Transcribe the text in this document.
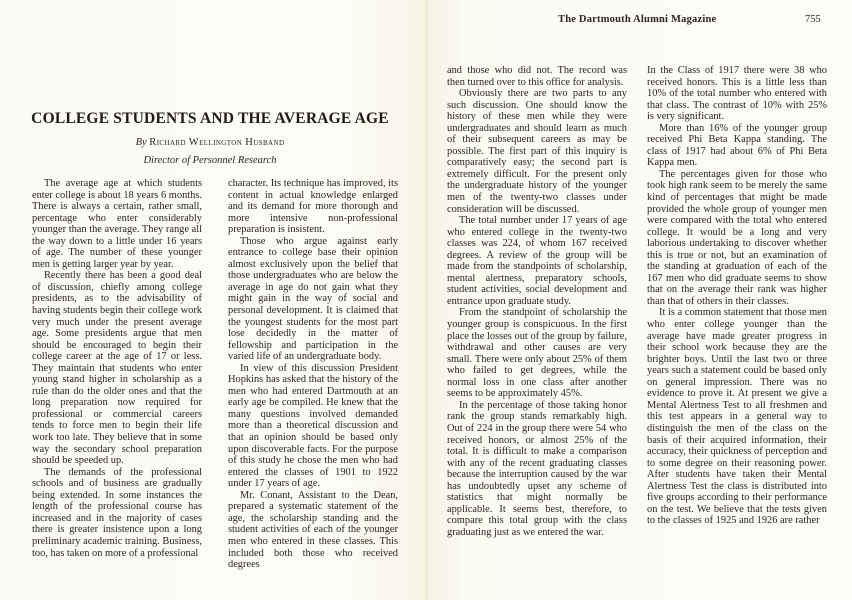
COLLEGE STUDENTS AND THE AVERAGE AGE
By Richard Wellington Husband
Director of Personnel Research

The average age at which students enter college is about 18 years 6 months. There is always a certain, rather small, percentage who enter considerably younger than the average. They range all the way down to a little under 16 years of age. The number of these younger men is getting larger year by year.

Recently there has been a good deal of discussion, chiefly among college presidents, as to the advisability of having students begin their college work very much under the present average age. Some presidents argue that men should be encouraged to begin their college career at the age of 17 or less. They maintain that students who enter young stand higher in scholarship as a rule than do the older ones and that the long preparation now required for professional or commercial careers tends to force men to begin their life work too late. They believe that in some way the secondary school preparation should be speeded up.

The demands of the professional schools and of business are gradually being extended. In some instances the length of the professional course has increased and in the majority of cases there is greater insistence upon a long preliminary academic training. Business, too, has taken on more of a professional

character. Its technique has improved, its content in actual knowledge enlarged and its demand for more thorough and more intensive non-professional preparation is insistent.

Those who argue against early entrance to college base their opinion almost exclusively upon the belief that those undergraduates who are below the average in age do not gain what they might gain in the way of social and personal development. It is claimed that the youngest students for the most part lose decidedly in the matter of fellowship and participation in the varied life of an undergraduate body.

In view of this discussion President Hopkins has asked that the history of the men who had entered Dartmouth at an early age be compiled. He knew that the many questions involved demanded more than a theoretical discussion and that an opinion should be based only upon discoverable facts. For the purpose of this study he chose the men who had entered the classes of 1901 to 1922 under 17 years of age.

Mr. Conant, Assistant to the Dean, prepared a systematic statement of the age, the scholarship standing and the student activities of each of the younger men who entered in these classes. This included both those who received degrees

The Dartmouth Alumni Magazine	755

and those who did not. The record was then turned over to this office for analysis.

Obviously there are two parts to any such discussion. One should know the history of these men while they were undergraduates and should learn as much of their subsequent careers as may be possible. The first part of this inquiry is comparatively easy; the second part is extremely difficult. For the present only the undergraduate history of the younger men of the twenty-two classes under consideration will be discussed.

The total number under 17 years of age who entered college in the twenty-two classes was 224, of whom 167 received degrees. A review of the group will be made from the standpoints of scholarship, mental alertness, preparatory schools, student activities, social development and entrance upon graduate study.

From the standpoint of scholarship the younger group is conspicuous. In the first place the losses out of the group by failure, withdrawal and other causes are very small. There were only about 25% of them who failed to get degrees, while the normal loss in one class after another seems to be approximately 45%.

In the percentage of those taking honor rank the group stands remarkably high. Out of 224 in the group there were 54 who received honors, or almost 25% of the total. It is difficult to make a comparison with any of the recent graduating classes because the interruption caused by the war has undoubtedly upset any scheme of statistics that might normally be applicable. It seems best, therefore, to compare this total group with the class graduating just as we entered the war.

In the Class of 1917 there were 38 who received honors. This is a little less than 10% of the total number who entered with that class. The contrast of 10% with 25% is very significant.

More than 16% of the younger group received Phi Beta Kappa standing. The class of 1917 had about 6% of Phi Beta Kappa men.

The percentages given for those who took high rank seem to be merely the same kind of percentages that might be made provided the whole group of younger men were compared with the total who entered college. It would be a long and very laborious undertaking to discover whether this is true or not, but an examination of the standing at graduation of each of the 167 men who did graduate seems to show that on the average their rank was higher than that of others in their classes.

It is a common statement that those men who enter college younger than the average have made greater progress in their school work because they are the brighter boys. Until the last two or three years such a statement could be based only on general impression. There was no evidence to prove it. At present we give a Mental Alertness Test to all freshmen and this test appears in a general way to distinguish the men of the class on the basis of their acquired information, their accuracy, their quickness of perception and to some degree on their reasoning power. After students have taken their Mental Alertness Test the class is distributed into five groups according to their performance on the test. We believe that the tests given to the classes of 1925 and 1926 are rather
